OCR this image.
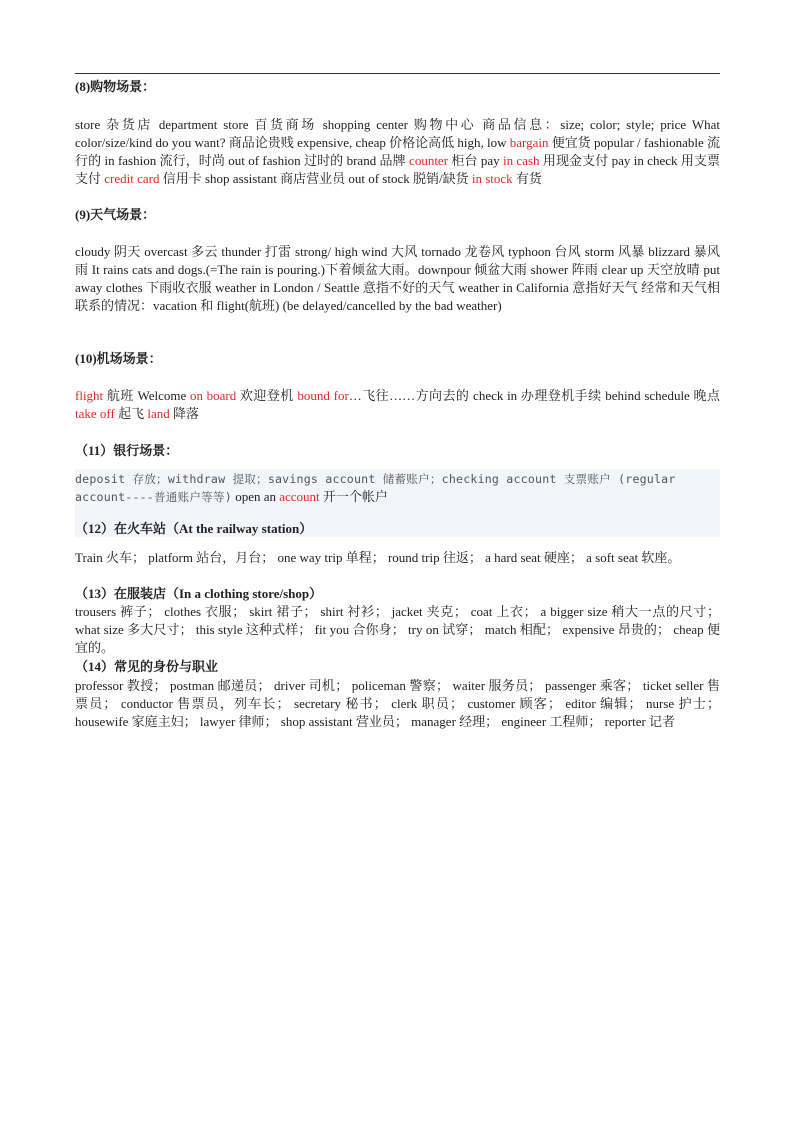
(8)购物场景：
store 杂货店 department store 百货商场 shopping center 购物中心 商品信息：size; color; style; price What color/size/kind do you want? 商品论贵贱 expensive, cheap 价格论高低 high, low bargain 便宜货 popular / fashionable 流行的 in fashion 流行，时尚 out of fashion 过时的 brand 品牌 counter 柜台 pay in cash 用现金支付 pay in check 用支票支付 credit card 信用卡 shop assistant 商店营业员 out of stock 脱销/缺货 in stock 有货
(9)天气场景：
cloudy 阴天 overcast 多云 thunder 打雷 strong/ high wind 大风 tornado 龙卷风 typhoon 台风 storm 风暴 blizzard 暴风雨 It rains cats and dogs.(=The rain is pouring.)下着倾盆大雨。downpour 倾盆大雨 shower 阵雨 clear up 天空放晴 put away clothes 下雨收衣服 weather in London / Seattle 意指不好的天气 weather in California 意指好天气 经常和天气相联系的情况：vacation 和 flight(航班) (be delayed/cancelled by the bad weather)
(10)机场场景：
flight 航班 Welcome on board 欢迎登机 bound for…飞往……方向去的 check in 办理登机手续 behind schedule 晚点 take off 起飞 land 降落
（11）银行场景：
deposit 存放；withdraw 提取；savings account 储蓄账户；checking account 支票账户 (regular
account----普通账户等等) open an account 开一个帐户
（12）在火车站（At the railway station）
Train 火车； platform 站台，月台； one way trip 单程； round trip 往返； a hard seat 硬座； a soft seat 软座。
（13）在服装店（In a clothing store/shop）
trousers 裤子； clothes 衣服； skirt 裙子； shirt 衬衫； jacket 夹克； coat 上衣； a bigger size 稍大一点的尺寸； what size 多大尺寸； this style 这种式样； fit you 合你身； try on 试穿； match 相配； expensive 昂贵的； cheap 便宜的。
（14）常见的身份与职业
professor 教授； postman 邮递员； driver 司机； policeman 警察； waiter 服务员； passenger 乘客； ticket seller 售票员； conductor 售票员，列车长； secretary 秘书； clerk 职员； customer 顾客； editor 编辑； nurse 护士； housewife 家庭主妇； lawyer 律师； shop assistant 营业员； manager 经理； engineer 工程师； reporter 记者
